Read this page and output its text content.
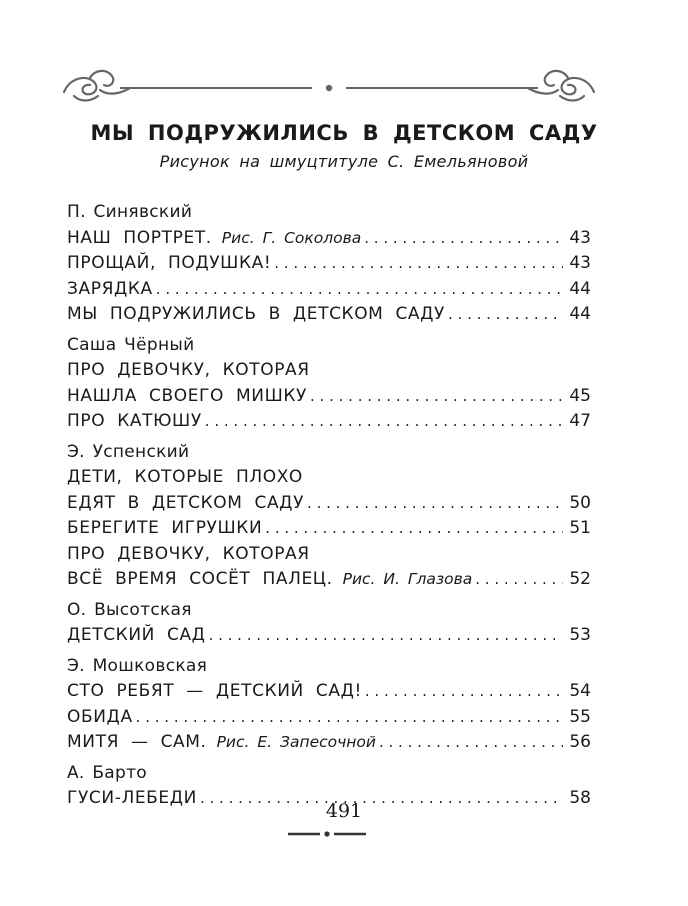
МЫ ПОДРУЖИЛИСЬ В ДЕТСКОМ САДУ
Рисунок на шмуцтитуле С. Емельяновой
П. Синявский
НАШ ПОРТРЕТ. Рис. Г. Соколова . . .	43
ПРОЩАЙ, ПОДУШКА! . . .	43
ЗАРЯДКА . . .	44
МЫ ПОДРУЖИЛИСЬ В ДЕТСКОМ САДУ . . .	44
Саша Чёрный
ПРО ДЕВОЧКУ, КОТОРАЯ
НАШЛА СВОЕГО МИШКУ . . .	45
ПРО КАТЮШУ . . .	47
Э. Успенский
ДЕТИ, КОТОРЫЕ ПЛОХО
ЕДЯТ В ДЕТСКОМ САДУ . . .	50
БЕРЕГИТЕ ИГРУШКИ . . .	51
ПРО ДЕВОЧКУ, КОТОРАЯ
ВСЁ ВРЕМЯ СОСЁТ ПАЛЕЦ. Рис. И. Глазова . . .	52
О. Высотская
ДЕТСКИЙ САД . . .	53
Э. Мошковская
СТО РЕБЯТ — ДЕТСКИЙ САД! . . .	54
ОБИДА . . .	55
МИТЯ — САМ. Рис. Е. Запесочной . . .	56
А. Барто
ГУСИ-ЛЕБЕДИ . . .	58
491
